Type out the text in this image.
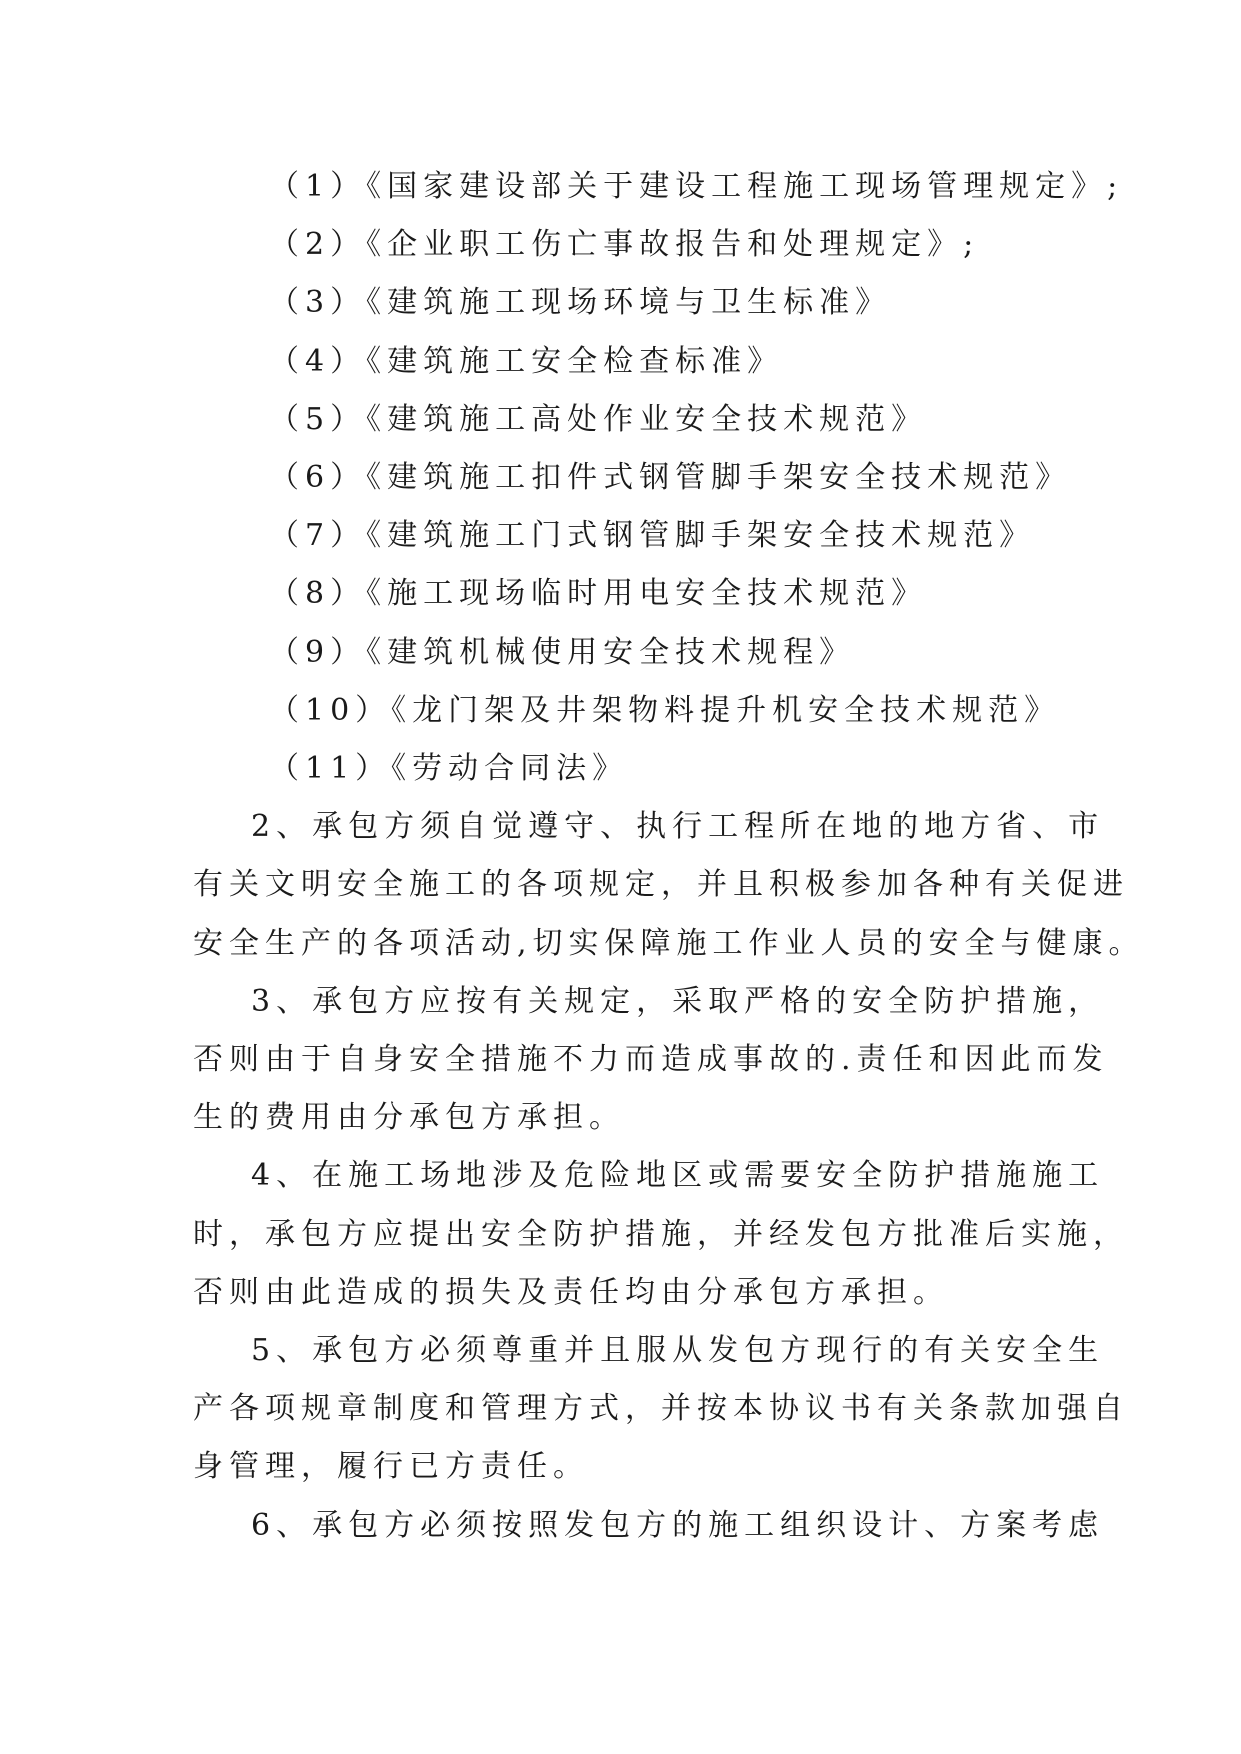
（1）《国家建设部关于建设工程施工现场管理规定》;

（2）《企业职工伤亡事故报告和处理规定》;

（3）《建筑施工现场环境与卫生标准》

（4）《建筑施工安全检查标准》

（5）《建筑施工高处作业安全技术规范》

（6）《建筑施工扣件式钢管脚手架安全技术规范》

（7）《建筑施工门式钢管脚手架安全技术规范》

（8）《施工现场临时用电安全技术规范》

（9）《建筑机械使用安全技术规程》

（10）《龙门架及井架物料提升机安全技术规范》

（11）《劳动合同法》

2、承包方须自觉遵守、执行工程所在地的地方省、市

有关文明安全施工的各项规定，并且积极参加各种有关促进

安全生产的各项活动,切实保障施工作业人员的安全与健康。

3、承包方应按有关规定，采取严格的安全防护措施，

否则由于自身安全措施不力而造成事故的.责任和因此而发

生的费用由分承包方承担。

4、在施工场地涉及危险地区或需要安全防护措施施工

时，承包方应提出安全防护措施，并经发包方批准后实施，

否则由此造成的损失及责任均由分承包方承担。

5、承包方必须尊重并且服从发包方现行的有关安全生

产各项规章制度和管理方式，并按本协议书有关条款加强自

身管理，履行已方责任。

6、承包方必须按照发包方的施工组织设计、方案考虑
